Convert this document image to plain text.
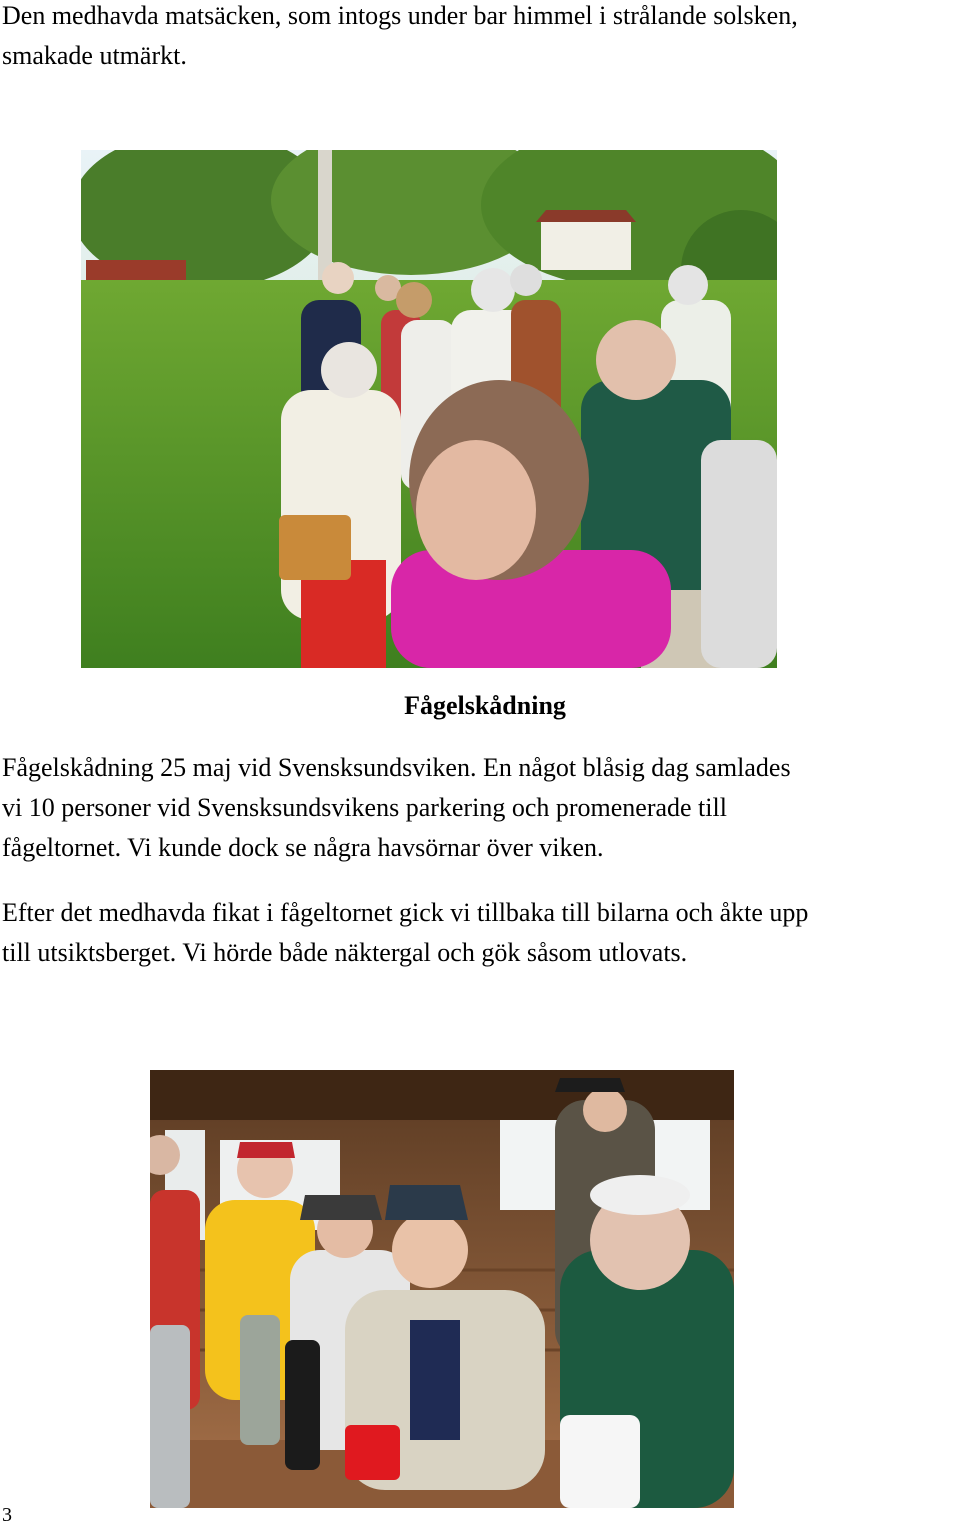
Den medhavda matsäcken, som intogs under bar himmel i strålande solsken,
smakade utmärkt.
Fågelskådning
Fågelskådning 25 maj vid Svensksundsviken. En något blåsig dag samlades
vi 10 personer vid Svensksundsvikens parkering och promenerade till
fågeltornet. Vi kunde dock se några havsörnar över viken.
Efter det medhavda fikat i fågeltornet gick vi tillbaka till bilarna och åkte upp
till utsiktsberget. Vi hörde både näktergal och gök såsom utlovats.
3
